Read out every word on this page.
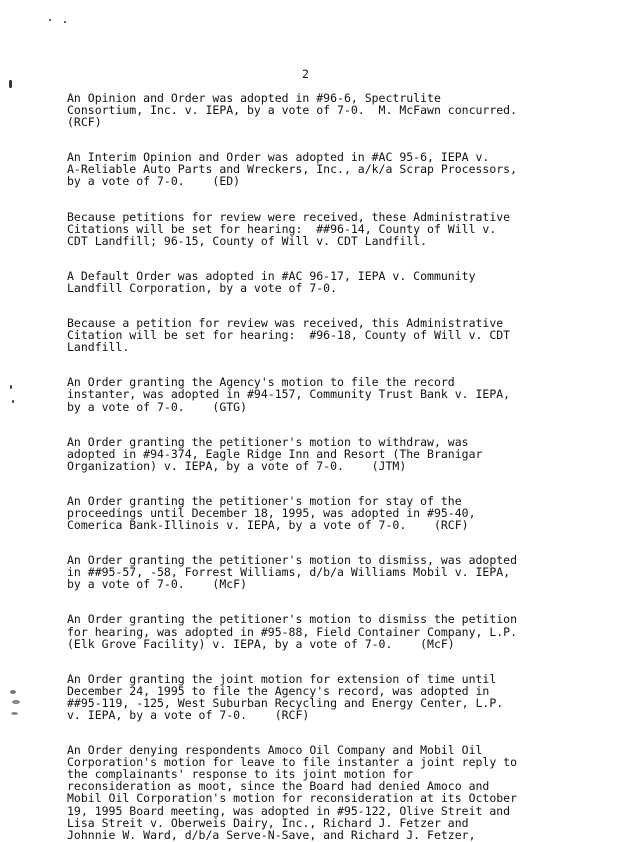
2
An Opinion and Order was adopted in #96-6, Spectrulite
Consortium, Inc. v. IEPA, by a vote of 7-0.  M. McFawn concurred.
(RCF)
An Interim Opinion and Order was adopted in #AC 95-6, IEPA v.
A-Reliable Auto Parts and Wreckers, Inc., a/k/a Scrap Processors,
by a vote of 7-0.    (ED)
Because petitions for review were received, these Administrative
Citations will be set for hearing:  ##96-14, County of Will v.
CDT Landfill; 96-15, County of Will v. CDT Landfill.
A Default Order was adopted in #AC 96-17, IEPA v. Community
Landfill Corporation, by a vote of 7-0.
Because a petition for review was received, this Administrative
Citation will be set for hearing:  #96-18, County of Will v. CDT
Landfill.
An Order granting the Agency's motion to file the record
instanter, was adopted in #94-157, Community Trust Bank v. IEPA,
by a vote of 7-0.    (GTG)
An Order granting the petitioner's motion to withdraw, was
adopted in #94-374, Eagle Ridge Inn and Resort (The Branigar
Organization) v. IEPA, by a vote of 7-0.    (JTM)
An Order granting the petitioner's motion for stay of the
proceedings until December 18, 1995, was adopted in #95-40,
Comerica Bank-Illinois v. IEPA, by a vote of 7-0.    (RCF)
An Order granting the petitioner's motion to dismiss, was adopted
in ##95-57, -58, Forrest Williams, d/b/a Williams Mobil v. IEPA,
by a vote of 7-0.    (McF)
An Order granting the petitioner's motion to dismiss the petition
for hearing, was adopted in #95-88, Field Container Company, L.P.
(Elk Grove Facility) v. IEPA, by a vote of 7-0.    (McF)
An Order granting the joint motion for extension of time until
December 24, 1995 to file the Agency's record, was adopted in
##95-119, -125, West Suburban Recycling and Energy Center, L.P.
v. IEPA, by a vote of 7-0.    (RCF)
An Order denying respondents Amoco Oil Company and Mobil Oil
Corporation's motion for leave to file instanter a joint reply to
the complainants' response to its joint motion for
reconsideration as moot, since the Board had denied Amoco and
Mobil Oil Corporation's motion for reconsideration at its October
19, 1995 Board meeting, was adopted in #95-122, Olive Streit and
Lisa Streit v. Oberweis Dairy, Inc., Richard J. Fetzer and
Johnnie W. Ward, d/b/a Serve-N-Save, and Richard J. Fetzer,
